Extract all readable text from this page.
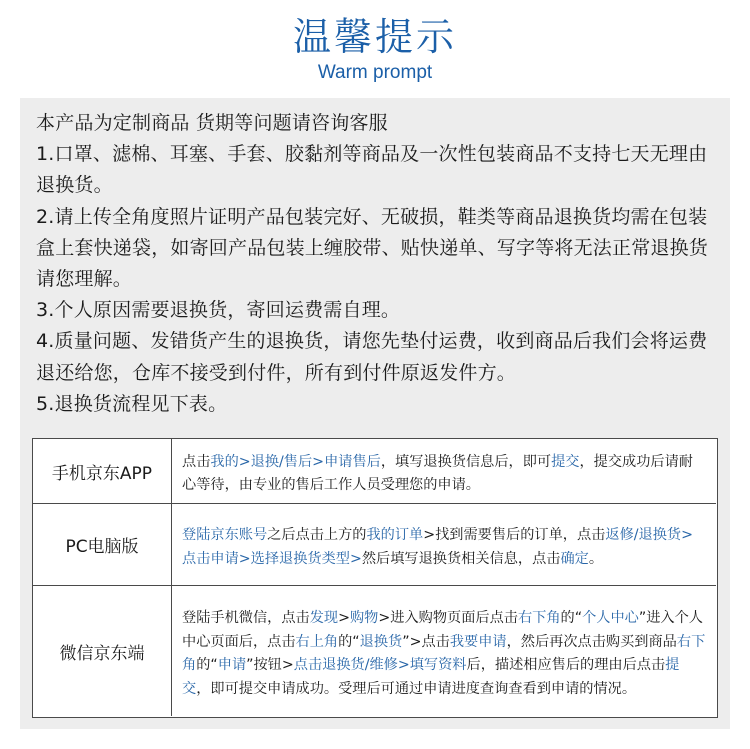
温馨提示
Warm prompt

本产品为定制商品 货期等问题请咨询客服

1.口罩、滤棉、耳塞、手套、胶黏剂等商品及一次性包装商品不支持七天无理由退换货。

2.请上传全角度照片证明产品包装完好、无破损，鞋类等商品退换货均需在包装盒上套快递袋，如寄回产品包装上缠胶带、贴快递单、写字等将无法正常退换货请您理解。

3.个人原因需要退换货，寄回运费需自理。

4.质量问题、发错货产生的退换货，请您先垫付运费，收到商品后我们会将运费退还给您，仓库不接受到付件，所有到付件原返发件方。

5.退换货流程见下表。

手机京东APP
点击我的>退换/售后>申请售后，填写退换货信息后，即可提交，提交成功后请耐心等待，由专业的售后工作人员受理您的申请。
PC电脑版
登陆京东账号之后点击上方的我的订单>找到需要售后的订单，点击返修/退换货>点击申请>选择退换货类型>然后填写退换货相关信息，点击确定。
微信京东端
登陆手机微信，点击发现>购物>进入购物页面后点击右下角的“个人中心”进入个人中心页面后，点击右上角的“退换货”>点击我要申请，然后再次点击购买到商品右下角的“申请”按钮>点击退换货/维修>填写资料后，描述相应售后的理由后点击提交，即可提交申请成功。受理后可通过申请进度查询查看到申请的情况。
